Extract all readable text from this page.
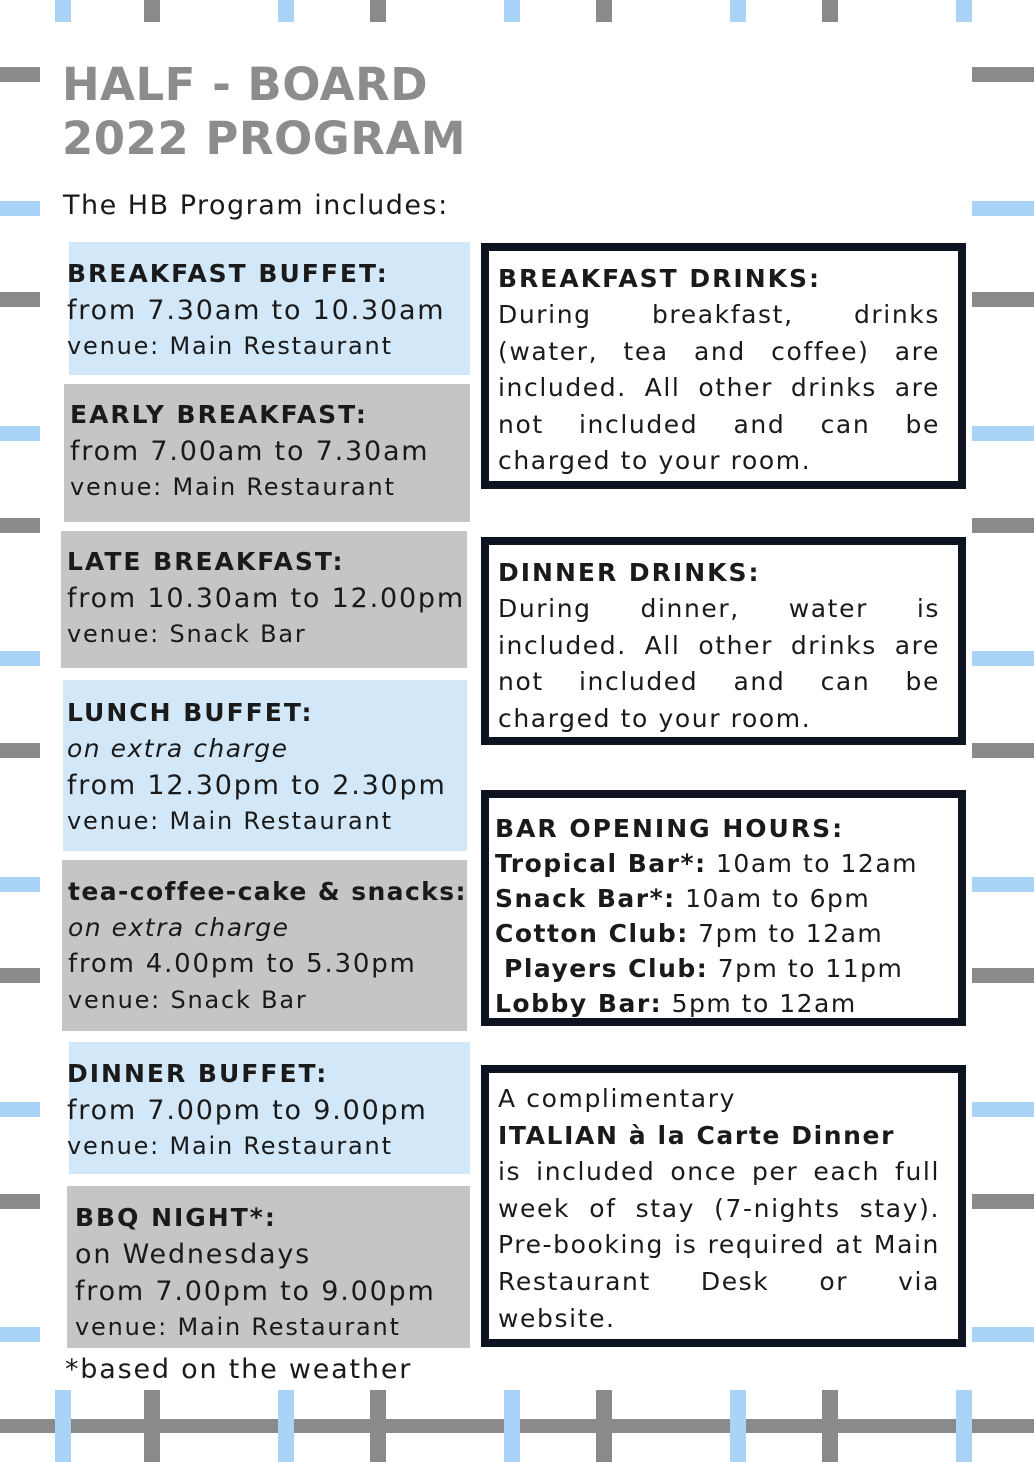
HALF - BOARD
2022 PROGRAM
The HB Program includes:
BREAKFAST BUFFET:
from 7.30am to 10.30am
venue: Main Restaurant
EARLY BREAKFAST:
from 7.00am to 7.30am
venue: Main Restaurant
LATE BREAKFAST:
from 10.30am to 12.00pm
venue: Snack Bar
LUNCH BUFFET:
on extra charge
from 12.30pm to 2.30pm
venue: Main Restaurant
tea-coffee-cake & snacks:
on extra charge
from 4.00pm to 5.30pm
venue: Snack Bar
DINNER BUFFET:
from 7.00pm to 9.00pm
venue: Main Restaurant
BBQ NIGHT*:
on Wednesdays
from 7.00pm to 9.00pm
venue: Main Restaurant
BREAKFAST DRINKS:
During breakfast, drinks (water, tea and coffee) are included. All other drinks are not included and can be charged to your room.
DINNER DRINKS:
During dinner, water is included. All other drinks are not included and can be charged to your room.
BAR OPENING HOURS:
Tropical Bar*: 10am to 12am
Snack Bar*: 10am to 6pm
Cotton Club: 7pm to 12am
Players Club: 7pm to 11pm
Lobby Bar: 5pm to 12am
A complimentary
ITALIAN à la Carte Dinner
is included once per each full week of stay (7-nights stay). Pre-booking is required at Main Restaurant Desk or via website.
*based on the weather
